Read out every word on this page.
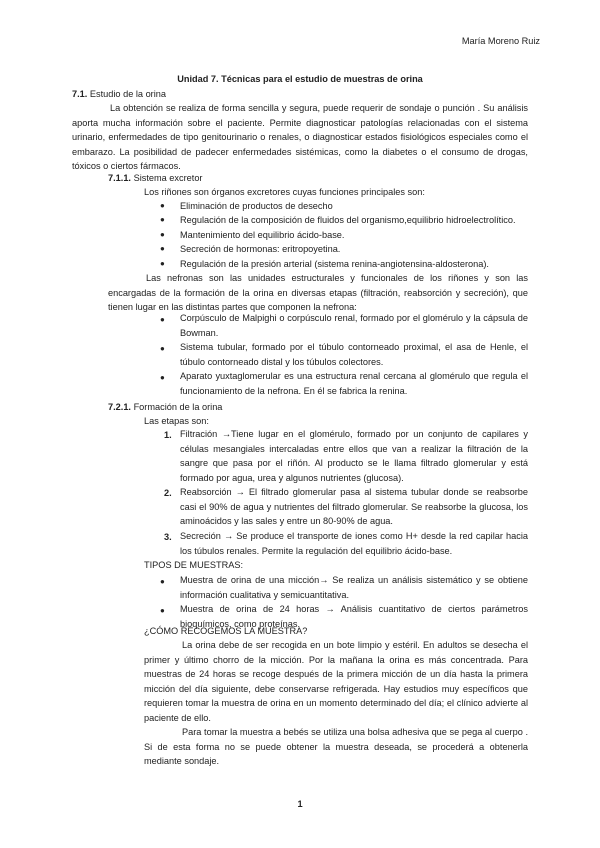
María Moreno Ruiz
Unidad 7. Técnicas para el estudio de muestras de orina
7.1. Estudio de la orina
La obtención se realiza de forma sencilla y segura, puede requerir de sondaje o punción . Su análisis aporta mucha información sobre el paciente. Permite diagnosticar patologías relacionadas con el sistema urinario, enfermedades de tipo genitourinario o renales, o diagnosticar estados fisiológicos especiales como el embarazo. La posibilidad de padecer enfermedades sistémicas, como la diabetes o el consumo de drogas, tóxicos o ciertos fármacos.
7.1.1. Sistema excretor
Los riñones son órganos excretores cuyas funciones principales son:
● Eliminación de productos de desecho
● Regulación de la composición de fluidos del organismo,equilibrio hidroelectrolítico.
● Mantenimiento del equilibrio ácido-base.
● Secreción de hormonas: eritropoyetina.
● Regulación de la presión arterial (sistema renina-angiotensina-aldosterona).
Las nefronas son las unidades estructurales y funcionales de los riñones y son las encargadas de la formación de la orina en diversas etapas (filtración, reabsorción y secreción), que tienen lugar en las distintas partes que componen la nefrona:
● Corpúsculo de Malpighi o corpúsculo renal, formado por el glomérulo y la cápsula de Bowman.
● Sistema tubular, formado por el túbulo contorneado proximal, el asa de Henle, el túbulo contorneado distal y los túbulos colectores.
● Aparato yuxtaglomerular es una estructura renal cercana al glomérulo que regula el funcionamiento de la nefrona. En él se fabrica la renina.
7.2.1. Formación de la orina
Las etapas son:
1. Filtración →Tiene lugar en el glomérulo, formado por un conjunto de capilares y células mesangiales intercaladas entre ellos que van a realizar la filtración de la sangre que pasa por el riñón. Al producto se le llama filtrado glomerular y está formado por agua, urea y algunos nutrientes (glucosa).
2. Reabsorción → El filtrado glomerular pasa al sistema tubular donde se reabsorbe casi el 90% de agua y nutrientes del filtrado glomerular. Se reabsorbe la glucosa, los aminoácidos y las sales y entre un 80-90% de agua.
3. Secreción → Se produce el transporte de iones como H+ desde la red capilar hacia los túbulos renales. Permite la regulación del equilibrio ácido-base.
TIPOS DE MUESTRAS:
● Muestra de orina de una micción→ Se realiza un análisis sistemático y se obtiene información cualitativa y semicuantitativa.
● Muestra de orina de 24 horas → Análisis cuantitativo de ciertos parámetros bioquímicos, como proteínas.
¿CÓMO RECOGEMOS LA MUESTRA?
La orina debe de ser recogida en un bote limpio y estéril. En adultos se desecha el primer y último chorro de la micción. Por la mañana la orina es más concentrada. Para muestras de 24 horas se recoge después de la primera micción de un día hasta la primera micción del día siguiente, debe conservarse refrigerada. Hay estudios muy específicos que requieren tomar la muestra de orina en un momento determinado del día; el clínico advierte al paciente de ello.
Para tomar la muestra a bebés se utiliza una bolsa adhesiva que se pega al cuerpo . Si de esta forma no se puede obtener la muestra deseada, se procederá a obtenerla mediante sondaje.
1
